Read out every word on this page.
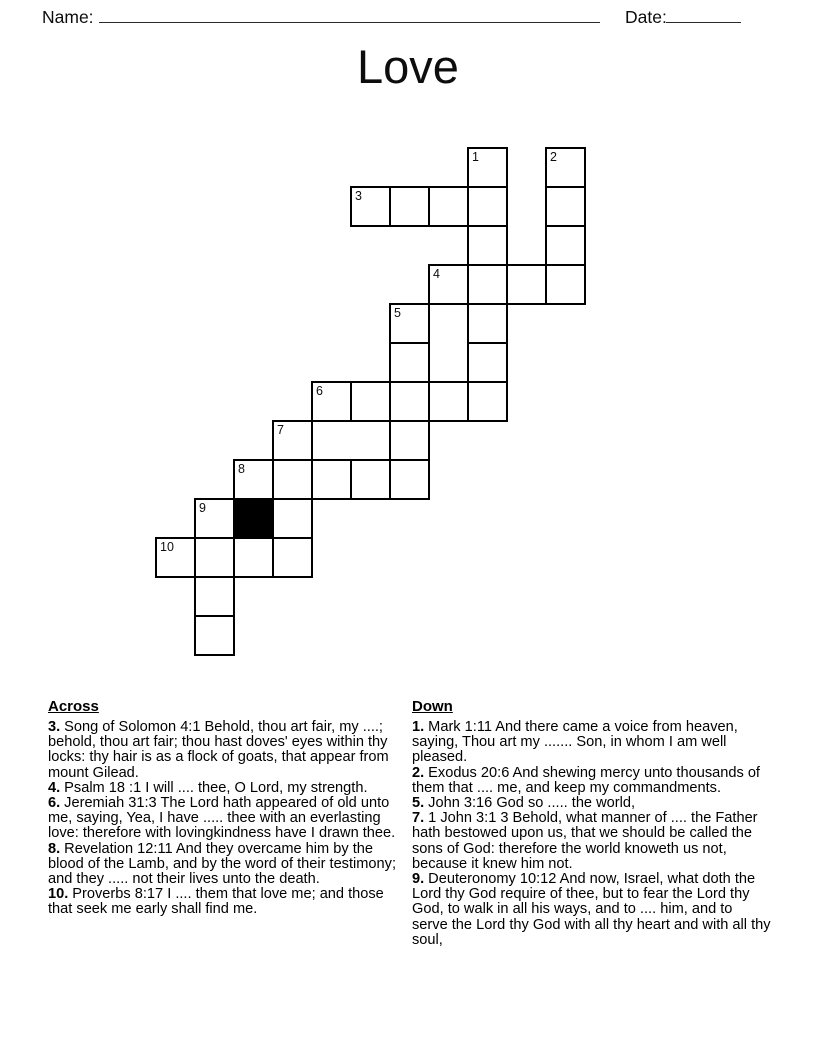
Name:	Date:
Love
1	2
3
4
5
6
7
8
9
10
Across

3. Song of Solomon 4:1 Behold, thou art fair, my ....; behold, thou art fair; thou hast doves' eyes within thy locks: thy hair is as a flock of goats, that appear from mount Gilead.

4. Psalm 18 :1 I will .... thee, O Lord, my strength.

6. Jeremiah 31:3 The Lord hath appeared of old unto me, saying, Yea, I have ..... thee with an everlasting love: therefore with lovingkindness have I drawn thee.

8. Revelation 12:11 And they overcame him by the blood of the Lamb, and by the word of their testimony; and they ..... not their lives unto the death.

10. Proverbs 8:17 I .... them that love me; and those that seek me early shall find me.

Down

1. Mark 1:11 And there came a voice from heaven, saying, Thou art my ....... Son, in whom I am well pleased.

2. Exodus 20:6 And shewing mercy unto thousands of them that .... me, and keep my commandments.

5. John 3:16 God so ..... the world,

7. 1 John 3:1 3 Behold, what manner of .... the Father hath bestowed upon us, that we should be called the sons of God: therefore the world knoweth us not, because it knew him not.

9. Deuteronomy 10:12 And now, Israel, what doth the Lord thy God require of thee, but to fear the Lord thy God, to walk in all his ways, and to .... him, and to serve the Lord thy God with all thy heart and with all thy soul,
